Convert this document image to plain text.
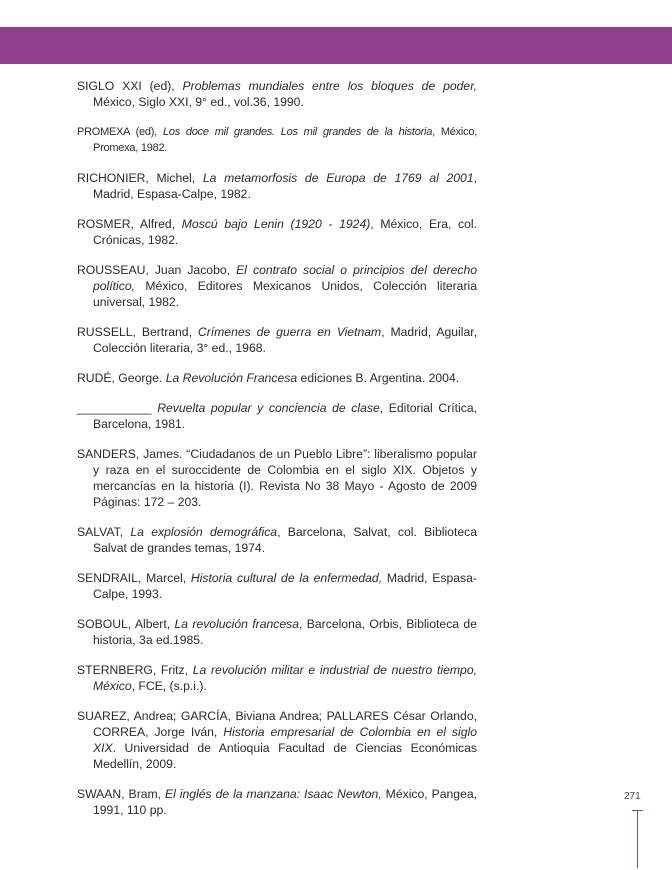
SIGLO XXI (ed), Problemas mundiales entre los bloques de poder, México, Siglo XXI, 9° ed., vol.36, 1990.
PROMEXA (ed), Los doce mil grandes. Los mil grandes de la historia, México, Promexa, 1982.
RICHONIER, Michel, La metamorfosis de Europa de 1769 al 2001, Madrid, Espasa-Calpe, 1982.
ROSMER, Alfred, Moscú bajo Lenin (1920 - 1924), México, Era, col. Crónicas, 1982.
ROUSSEAU, Juan Jacobo, El contrato social o principios del derecho político, México, Editores Mexicanos Unidos, Colección literaria universal, 1982.
RUSSELL, Bertrand, Crímenes de guerra en Vietnam, Madrid, Aguilar, Colección literaria, 3° ed., 1968.
RUDÉ, George. La Revolución Francesa ediciones B. Argentina. 2004.
___________ Revuelta popular y conciencia de clase, Editorial Crítica, Barcelona, 1981.
SANDERS, James. “Ciudadanos de un Pueblo Libre”: liberalismo popular y raza en el suroccidente de Colombia en el siglo XIX. Objetos y mercancías en la historia (I). Revista No 38 Mayo - Agosto de 2009 Páginas: 172 – 203.
SALVAT, La explosión demográfica, Barcelona, Salvat, col. Biblioteca Salvat de grandes temas, 1974.
SENDRAIL, Marcel, Historia cultural de la enfermedad, Madrid, Espasa-Calpe, 1993.
SOBOUL, Albert, La revolución francesa, Barcelona, Orbis, Biblioteca de historia, 3a ed.1985.
STERNBERG, Fritz, La revolución militar e industrial de nuestro tiempo, México, FCE, (s.p.i.).
SUAREZ, Andrea; GARCÍA, Biviana Andrea; PALLARES César Orlando, CORREA, Jorge Iván, Historia empresarial de Colombia en el siglo XIX. Universidad de Antioquia Facultad de Ciencias Económicas Medellín, 2009.
SWAAN, Bram, El inglés de la manzana: Isaac Newton, México, Pangea, 1991, 110 pp.
271
